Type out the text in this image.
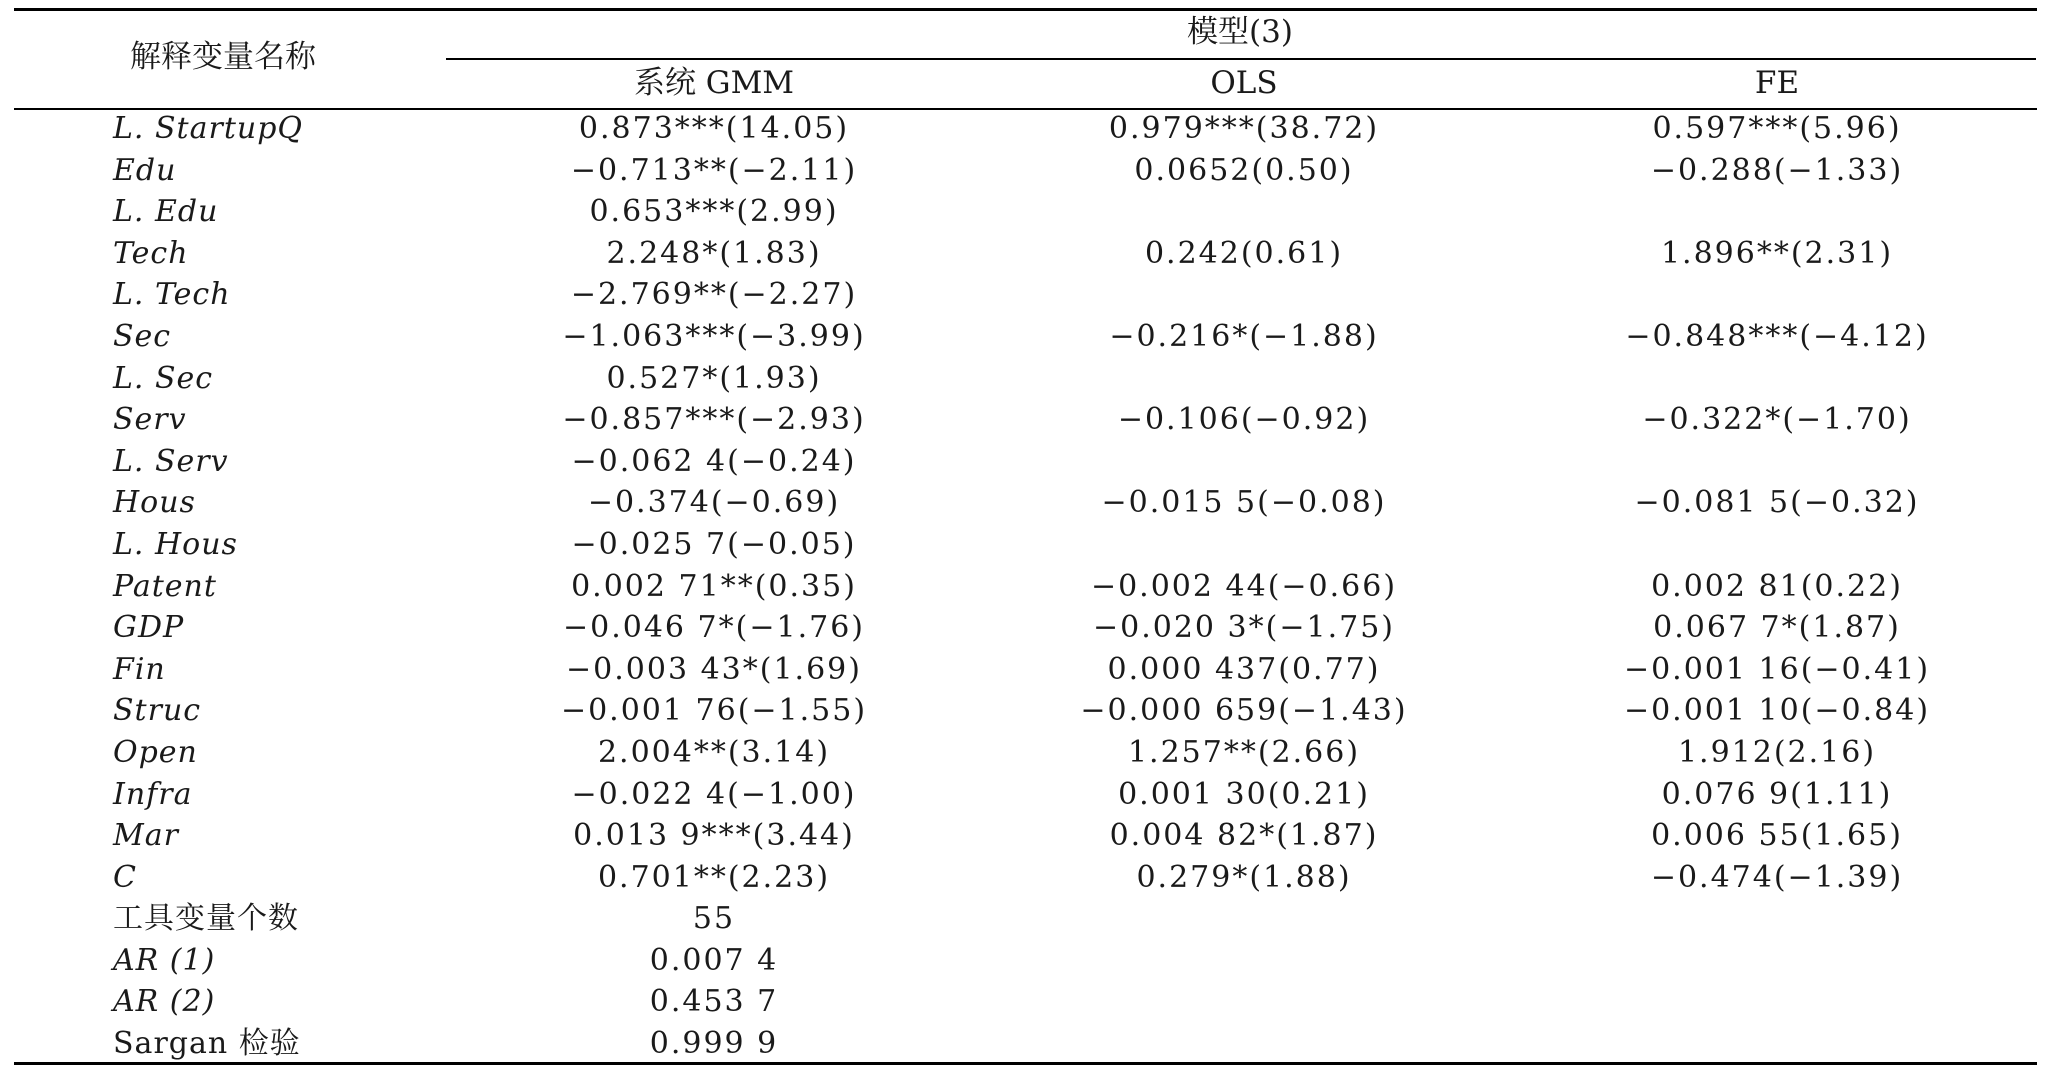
解释变量名称
模型(3)
系统 GMM	OLS	FE
L. StartupQ	0.873***(14.05)	0.979***(38.72)	0.597***(5.96)
Edu	−0.713**(−2.11)	0.0652(0.50)	−0.288(−1.33)
L. Edu	0.653***(2.99)
Tech	2.248*(1.83)	0.242(0.61)	1.896**(2.31)
L. Tech	−2.769**(−2.27)
Sec	−1.063***(−3.99)	−0.216*(−1.88)	−0.848***(−4.12)
L. Sec	0.527*(1.93)
Serv	−0.857***(−2.93)	−0.106(−0.92)	−0.322*(−1.70)
L. Serv	−0.062 4(−0.24)
Hous	−0.374(−0.69)	−0.015 5(−0.08)	−0.081 5(−0.32)
L. Hous	−0.025 7(−0.05)
Patent	0.002 71**(0.35)	−0.002 44(−0.66)	0.002 81(0.22)
GDP	−0.046 7*(−1.76)	−0.020 3*(−1.75)	0.067 7*(1.87)
Fin	−0.003 43*(1.69)	0.000 437(0.77)	−0.001 16(−0.41)
Struc	−0.001 76(−1.55)	−0.000 659(−1.43)	−0.001 10(−0.84)
Open	2.004**(3.14)	1.257**(2.66)	1.912(2.16)
Infra	−0.022 4(−1.00)	0.001 30(0.21)	0.076 9(1.11)
Mar	0.013 9***(3.44)	0.004 82*(1.87)	0.006 55(1.65)
C	0.701**(2.23)	0.279*(1.88)	−0.474(−1.39)
工具变量个数	55
AR (1)	0.007 4
AR (2)	0.453 7
Sargan 检验	0.999 9
